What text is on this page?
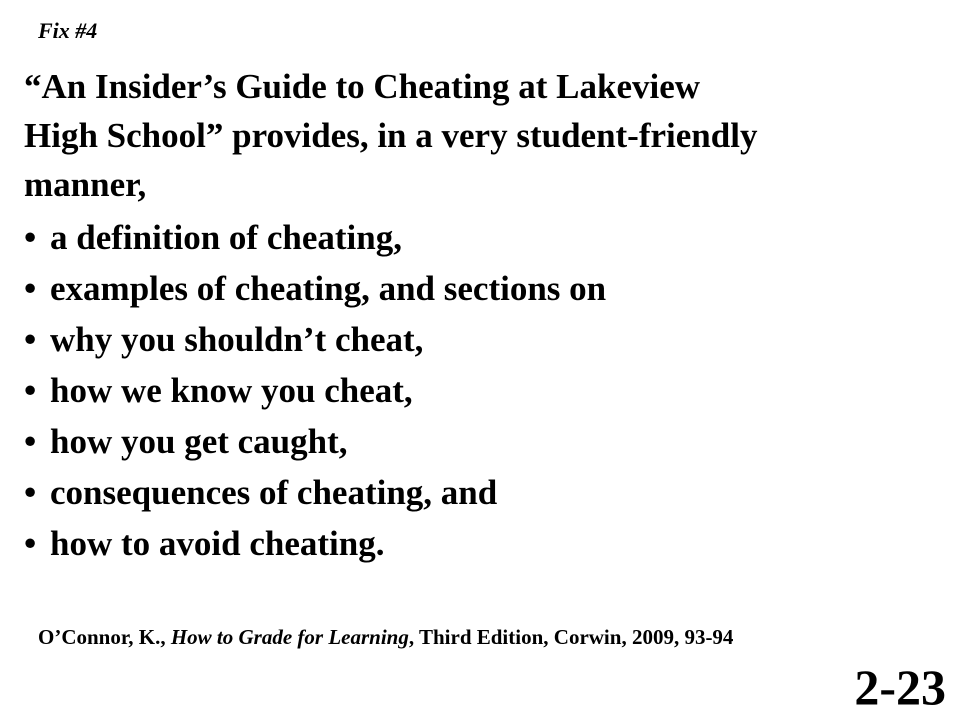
Fix #4
“An Insider’s Guide to Cheating at Lakeview
High School” provides, in a very student-friendly
manner,
• a definition of cheating,
• examples of cheating, and sections on
• why you shouldn’t cheat,
• how we know you cheat,
• how you get caught,
• consequences of cheating, and
• how to avoid cheating.
O’Connor, K., How to Grade for Learning, Third Edition, Corwin, 2009, 93-94
2-23
